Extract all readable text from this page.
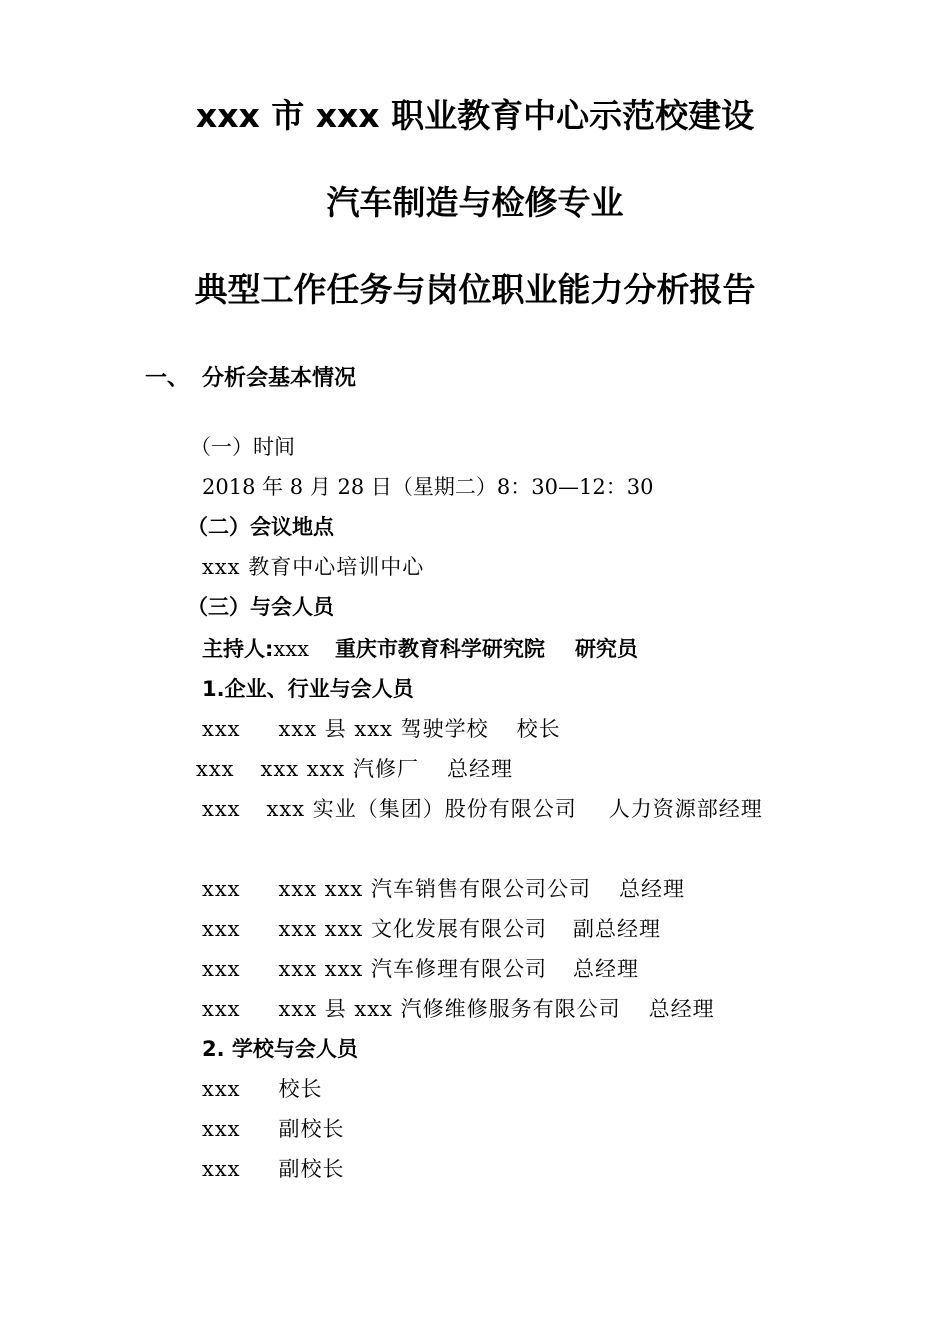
xxx 市 xxx 职业教育中心示范校建设
汽车制造与检修专业
典型工作任务与岗位职业能力分析报告
一、 分析会基本情况
（一）时间
2018 年 8 月 28 日（星期二）8：30—12：30
（二）会议地点
xxx 教育中心培训中心
（三）与会人员
主持人:xxx 重庆市教育科学研究院 研究员
1.企业、行业与会人员
xxx xxx 县 xxx 驾驶学校 校长
xxx xxx xxx 汽修厂 总经理
xxx xxx 实业（集团）股份有限公司 人力资源部经理
xxx xxx xxx 汽车销售有限公司公司 总经理
xxx xxx xxx 文化发展有限公司 副总经理
xxx xxx xxx 汽车修理有限公司 总经理
xxx xxx 县 xxx 汽修维修服务有限公司 总经理
2. 学校与会人员
xxx 校长
xxx 副校长
xxx 副校长
